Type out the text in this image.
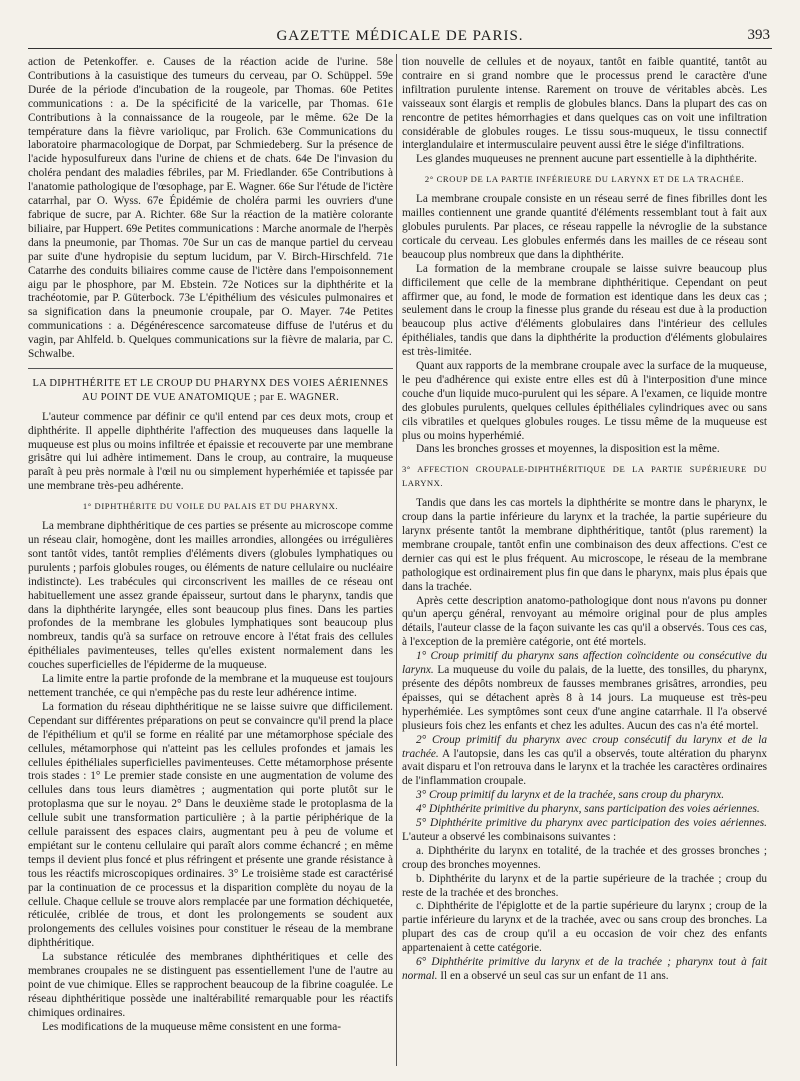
GAZETTE MÉDICALE DE PARIS.	393

action de Petenkoffer. e. Causes de la réaction acide de l'urine. 58e Contributions à la casuistique des tumeurs du cerveau, par O. Schüppel. 59e Durée de la période d'incubation de la rougeole, par Thomas. 60e Petites communications : a. De la spécificité de la varicelle, par Thomas. 61e Contributions à la connaissance de la rougeole, par le même. 62e De la température dans la fièvre varioliquc, par Frolich. 63e Communications du laboratoire pharmacologique de Dorpat, par Schmiedeberg. Sur la présence de l'acide hyposulfureux dans l'urine de chiens et de chats. 64e De l'invasion du choléra pendant des maladies fébriles, par M. Friedlander. 65e Contributions à l'anatomie pathologique de l'œsophage, par E. Wagner. 66e Sur l'étude de l'ictère catarrhal, par O. Wyss. 67e Épidémie de choléra parmi les ouvriers d'une fabrique de sucre, par A. Richter. 68e Sur la réaction de la matière colorante biliaire, par Huppert. 69e Petites communications : Marche anormale de l'herpès dans la pneumonie, par Thomas. 70e Sur un cas de manque partiel du cerveau par suite d'une hydropisie du septum lucidum, par V. Birch-Hirschfeld. 71e Catarrhe des conduits biliaires comme cause de l'ictère dans l'empoisonnement aigu par le phosphore, par M. Ebstein. 72e Notices sur la diphthérite et la trachéotomie, par P. Güterbock. 73e L'épithélium des vésicules pulmonaires et sa signification dans la pneumonie croupale, par O. Mayer. 74e Petites communications : a. Dégénérescence sarcomateuse diffuse de l'utérus et du vagin, par Ahlfeld. b. Quelques communications sur la fièvre de malaria, par C. Schwalbe.

LA DIPHTHÉRITE ET LE CROUP DU PHARYNX DES VOIES AÉRIENNES AU POINT DE VUE ANATOMIQUE ; par E. WAGNER.

L'auteur commence par définir ce qu'il entend par ces deux mots, croup et diphthérite. Il appelle diphthérite l'affection des muqueuses dans laquelle la muqueuse est plus ou moins infiltrée et épaissie et recouverte par une membrane grisâtre qui lui adhère intimement. Dans le croup, au contraire, la muqueuse paraît à peu près normale à l'œil nu ou simplement hyperhémiée et tapissée par une membrane très-peu adhérente.

1° DIPHTHÉRITE DU VOILE DU PALAIS ET DU PHARYNX.

La membrane diphthéritique de ces parties se présente au microscope comme un réseau clair, homogène, dont les mailles arrondies, allongées ou irrégulières sont tantôt vides, tantôt remplies d'éléments divers (globules lymphatiques ou purulents ; parfois globules rouges, ou éléments de nature cellulaire ou nucléaire indistincte). Les trabécules qui circonscrivent les mailles de ce réseau ont habituellement une assez grande épaisseur, surtout dans le pharynx, tandis que dans la diphthérite laryngée, elles sont beaucoup plus fines. Dans les parties profondes de la membrane les globules lymphatiques sont beaucoup plus nombreux, tandis qu'à sa surface on retrouve encore à l'état frais des cellules épithéliales pavimenteuses, telles qu'elles existent normalement dans les couches superficielles de l'épiderme de la muqueuse.

La limite entre la partie profonde de la membrane et la muqueuse est toujours nettement tranchée, ce qui n'empêche pas du reste leur adhérence intime.

La formation du réseau diphthéritique ne se laisse suivre que difficilement. Cependant sur différentes préparations on peut se convaincre qu'il prend la place de l'épithélium et qu'il se forme en réalité par une métamorphose spéciale des cellules, métamorphose qui n'atteint pas les cellules profondes et jamais les cellules épithéliales superficielles pavimenteuses. Cette métamorphose présente trois stades : 1° Le premier stade consiste en une augmentation de volume des cellules dans tous leurs diamètres ; augmentation qui porte plutôt sur le protoplasma que sur le noyau. 2° Dans le deuxième stade le protoplasma de la cellule subit une transformation particulière ; à la partie périphérique de la cellule paraissent des espaces clairs, augmentant peu à peu de volume et empiétant sur le contenu cellulaire qui paraît alors comme échancré ; en même temps il devient plus foncé et plus réfringent et présente une grande résistance à tous les réactifs microscopiques ordinaires. 3° Le troisième stade est caractérisé par la continuation de ce processus et la disparition complète du noyau de la cellule. Chaque cellule se trouve alors remplacée par une formation déchiquetée, réticulée, criblée de trous, et dont les prolongements se soudent aux prolongements des cellules voisines pour constituer le réseau de la membrane diphthéritique.

La substance réticulée des membranes diphthéritiques et celle des membranes croupales ne se distinguent pas essentiellement l'une de l'autre au point de vue chimique. Elles se rapprochent beaucoup de la fibrine coagulée. Le réseau diphthéritique possède une inaltérabilité remarquable pour les réactifs chimiques ordinaires.

Les modifications de la muqueuse même consistent en une forma-

tion nouvelle de cellules et de noyaux, tantôt en faible quantité, tantôt au contraire en si grand nombre que le processus prend le caractère d'une infiltration purulente intense. Rarement on trouve de véritables abcès. Les vaisseaux sont élargis et remplis de globules blancs. Dans la plupart des cas on rencontre de petites hémorrhagies et dans quelques cas on voit une infiltration considérable de globules rouges. Le tissu sous-muqueux, le tissu connectif interglandulaire et intermusculaire peuvent aussi être le siége d'infiltrations.

Les glandes muqueuses ne prennent aucune part essentielle à la diphthérite.

2° CROUP DE LA PARTIE INFÉRIEURE DU LARYNX ET DE LA TRACHÉE.

La membrane croupale consiste en un réseau serré de fines fibrilles dont les mailles contiennent une grande quantité d'éléments ressemblant tout à fait aux globules purulents. Par places, ce réseau rappelle la névroglie de la substance corticale du cerveau. Les globules enfermés dans les mailles de ce réseau sont beaucoup plus nombreux que dans la diphthérite.

La formation de la membrane croupale se laisse suivre beaucoup plus difficilement que celle de la membrane diphthéritique. Cependant on peut affirmer que, au fond, le mode de formation est identique dans les deux cas ; seulement dans le croup la finesse plus grande du réseau est due à la production beaucoup plus active d'éléments globulaires dans l'intérieur des cellules épithéliales, tandis que dans la diphthérite la production d'éléments globulaires est très-limitée.

Quant aux rapports de la membrane croupale avec la surface de la muqueuse, le peu d'adhérence qui existe entre elles est dû à l'interposition d'une mince couche d'un liquide muco-purulent qui les sépare. A l'examen, ce liquide montre des globules purulents, quelques cellules épithéliales cylindriques avec ou sans cils vibratiles et quelques globules rouges. Le tissu même de la muqueuse est plus ou moins hyperhémié.

Dans les bronches grosses et moyennes, la disposition est la même.

3° AFFECTION CROUPALE-DIPHTHÉRITIQUE DE LA PARTIE SUPÉRIEURE DU LARYNX.

Tandis que dans les cas mortels la diphthérite se montre dans le pharynx, le croup dans la partie inférieure du larynx et la trachée, la partie supérieure du larynx présente tantôt la membrane diphthéritique, tantôt (plus rarement) la membrane croupale, tantôt enfin une combinaison des deux affections. C'est ce dernier cas qui est le plus fréquent. Au microscope, le réseau de la membrane pathologique est ordinairement plus fin que dans le pharynx, mais plus épais que dans la trachée.

Après cette description anatomo-pathologique dont nous n'avons pu donner qu'un aperçu général, renvoyant au mémoire original pour de plus amples détails, l'auteur classe de la façon suivante les cas qu'il a observés. Tous ces cas, à l'exception de la première catégorie, ont été mortels.

1° Croup primitif du pharynx sans affection coïncidente ou consécutive du larynx. La muqueuse du voile du palais, de la luette, des tonsilles, du pharynx, présente des dépôts nombreux de fausses membranes grisâtres, arrondies, peu épaisses, qui se détachent après 8 à 14 jours. La muqueuse est très-peu hyperhémiée. Les symptômes sont ceux d'une angine catarrhale. Il l'a observé plusieurs fois chez les enfants et chez les adultes. Aucun des cas n'a été mortel.

2° Croup primitif du pharynx avec croup consécutif du larynx et de la trachée. A l'autopsie, dans les cas qu'il a observés, toute altération du pharynx avait disparu et l'on retrouva dans le larynx et la trachée les caractères ordinaires de l'inflammation croupale.

3° Croup primitif du larynx et de la trachée, sans croup du pharynx.

4° Diphthérite primitive du pharynx, sans participation des voies aériennes.

5° Diphthérite primitive du pharynx avec participation des voies aériennes. L'auteur a observé les combinaisons suivantes :

a. Diphthérite du larynx en totalité, de la trachée et des grosses bronches ; croup des bronches moyennes.

b. Diphthérite du larynx et de la partie supérieure de la trachée ; croup du reste de la trachée et des bronches.

c. Diphthérite de l'épiglotte et de la partie supérieure du larynx ; croup de la partie inférieure du larynx et de la trachée, avec ou sans croup des bronches. La plupart des cas de croup qu'il a eu occasion de voir chez des enfants appartenaient à cette catégorie.

6° Diphthérite primitive du larynx et de la trachée ; pharynx tout à fait normal. Il en a observé un seul cas sur un enfant de 11 ans.
